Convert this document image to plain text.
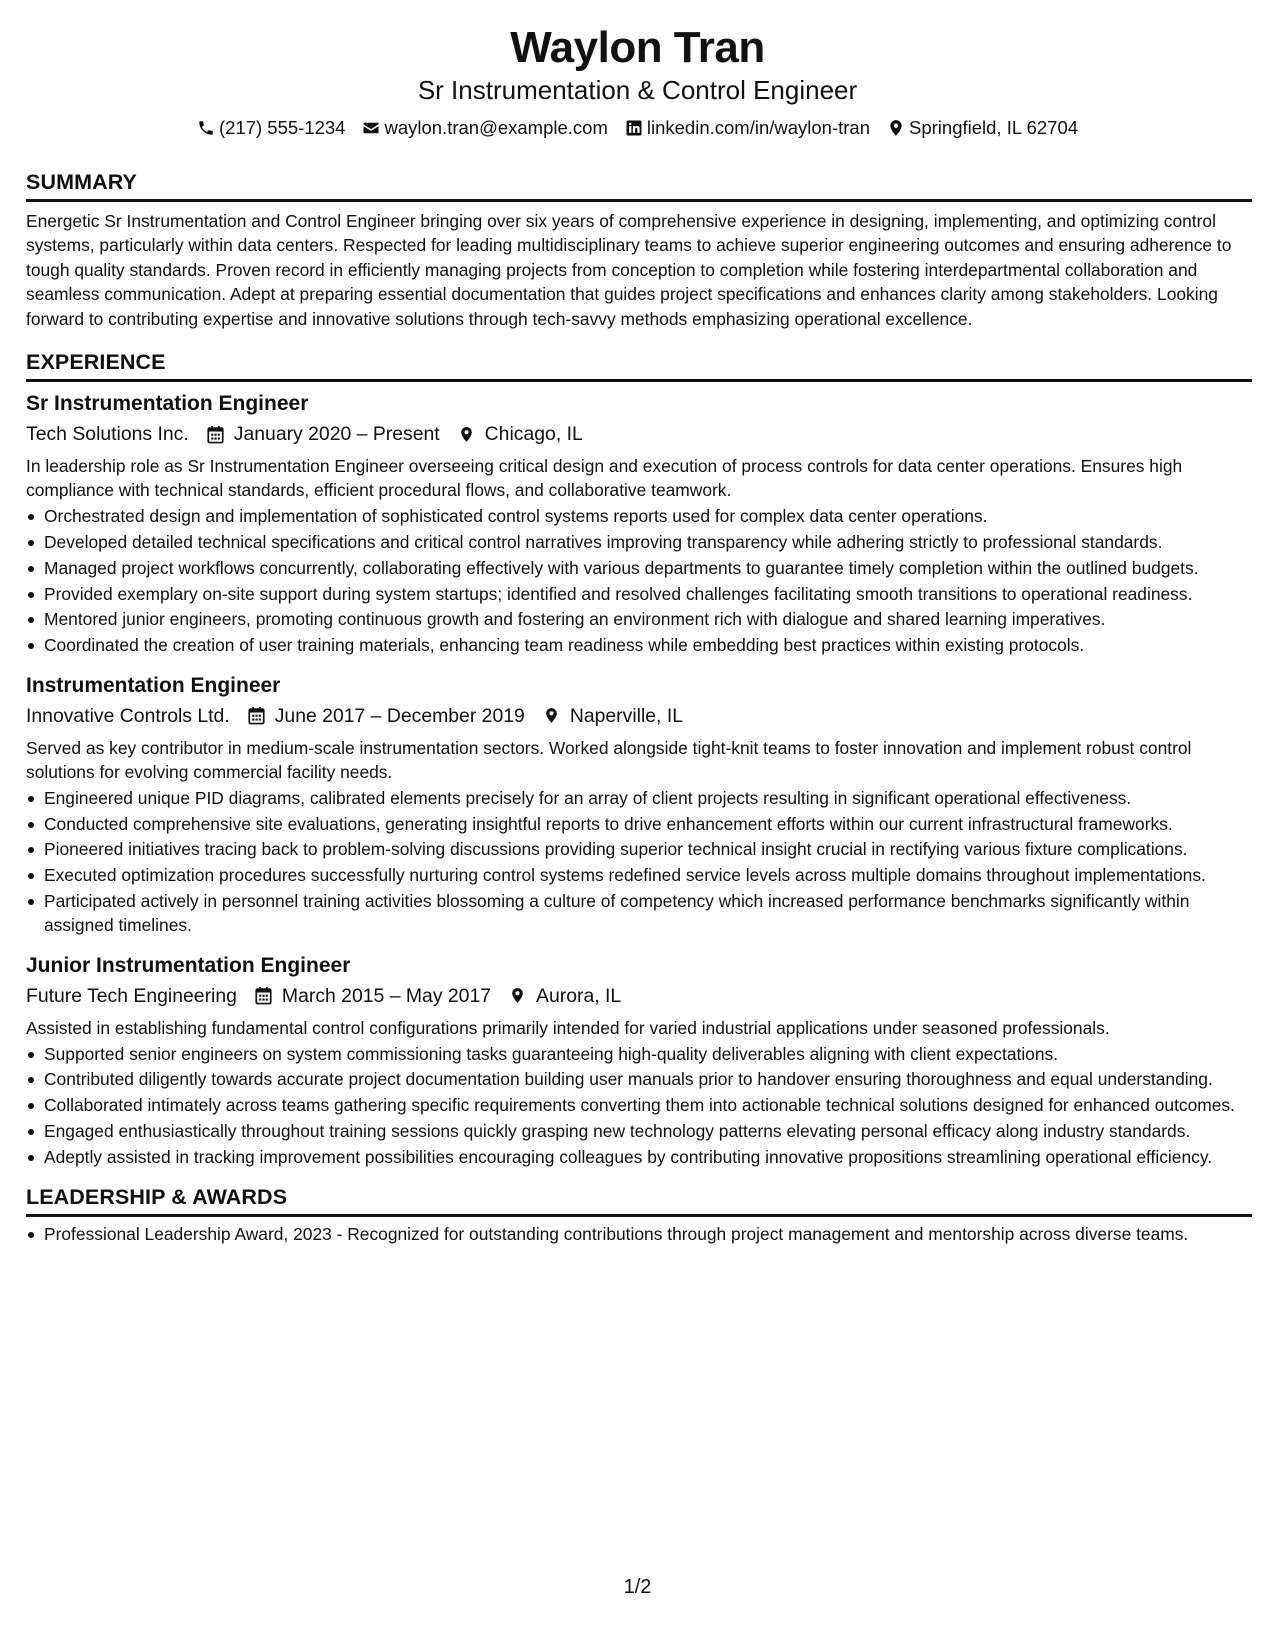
Waylon Tran

Sr Instrumentation & Control Engineer

(217) 555-1234 waylon.tran@example.com linkedin.com/in/waylon-tran Springfield, IL 62704
SUMMARY

Energetic Sr Instrumentation and Control Engineer bringing over six years of comprehensive experience in designing, implementing, and optimizing control systems, particularly within data centers. Respected for leading multidisciplinary teams to achieve superior engineering outcomes and ensuring adherence to tough quality standards. Proven record in efficiently managing projects from conception to completion while fostering interdepartmental collaboration and seamless communication. Adept at preparing essential documentation that guides project specifications and enhances clarity among stakeholders. Looking forward to contributing expertise and innovative solutions through tech-savvy methods emphasizing operational excellence.

EXPERIENCE
Sr Instrumentation Engineer
Tech Solutions Inc. January 2020 – Present Chicago, IL

In leadership role as Sr Instrumentation Engineer overseeing critical design and execution of process controls for data center operations. Ensures high compliance with technical standards, efficient procedural flows, and collaborative teamwork.

Orchestrated design and implementation of sophisticated control systems reports used for complex data center operations.
Developed detailed technical specifications and critical control narratives improving transparency while adhering strictly to professional standards.
Managed project workflows concurrently, collaborating effectively with various departments to guarantee timely completion within the outlined budgets.
Provided exemplary on-site support during system startups; identified and resolved challenges facilitating smooth transitions to operational readiness.
Mentored junior engineers, promoting continuous growth and fostering an environment rich with dialogue and shared learning imperatives.
Coordinated the creation of user training materials, enhancing team readiness while embedding best practices within existing protocols.
Instrumentation Engineer
Innovative Controls Ltd. June 2017 – December 2019 Naperville, IL

Served as key contributor in medium-scale instrumentation sectors. Worked alongside tight-knit teams to foster innovation and implement robust control solutions for evolving commercial facility needs.

Engineered unique PID diagrams, calibrated elements precisely for an array of client projects resulting in significant operational effectiveness.
Conducted comprehensive site evaluations, generating insightful reports to drive enhancement efforts within our current infrastructural frameworks.
Pioneered initiatives tracing back to problem-solving discussions providing superior technical insight crucial in rectifying various fixture complications.
Executed optimization procedures successfully nurturing control systems redefined service levels across multiple domains throughout implementations.
Participated actively in personnel training activities blossoming a culture of competency which increased performance benchmarks significantly within assigned timelines.
Junior Instrumentation Engineer
Future Tech Engineering March 2015 – May 2017 Aurora, IL

Assisted in establishing fundamental control configurations primarily intended for varied industrial applications under seasoned professionals.

Supported senior engineers on system commissioning tasks guaranteeing high-quality deliverables aligning with client expectations.
Contributed diligently towards accurate project documentation building user manuals prior to handover ensuring thoroughness and equal understanding.
Collaborated intimately across teams gathering specific requirements converting them into actionable technical solutions designed for enhanced outcomes.
Engaged enthusiastically throughout training sessions quickly grasping new technology patterns elevating personal efficacy along industry standards.
Adeptly assisted in tracking improvement possibilities encouraging colleagues by contributing innovative propositions streamlining operational efficiency.
LEADERSHIP & AWARDS
Professional Leadership Award, 2023 - Recognized for outstanding contributions through project management and mentorship across diverse teams.
1/2
